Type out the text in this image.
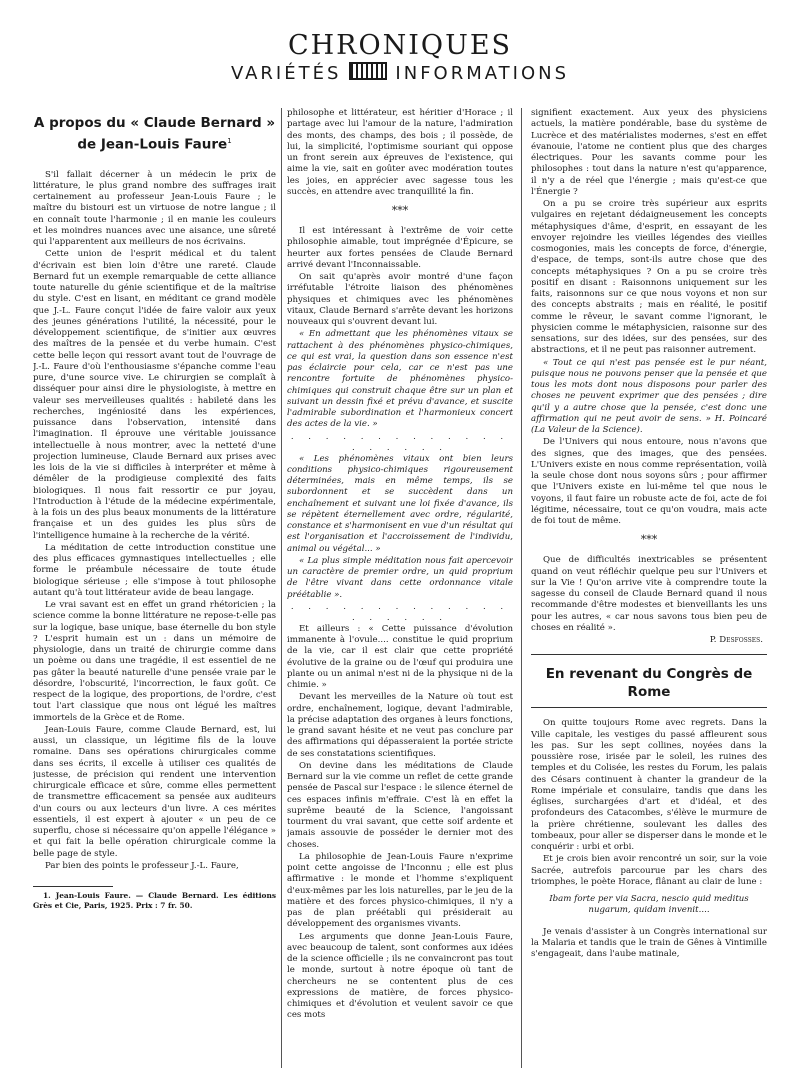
CHRONIQUES
VARIÉTÉS	INFORMATIONS
A propos du « Claude Bernard »
de Jean-Louis Faure$^1$

S'il fallait décerner à un médecin le prix de littérature, le plus grand nombre des suffrages irait certainement au professeur Jean-Louis Faure ; le maître du bistouri est un virtuose de notre langue ; il en connaît toute l'harmonie ; il en manie les couleurs et les moindres nuances avec une aisance, une sûreté qui l'apparentent aux meilleurs de nos écrivains.

Cette union de l'esprit médical et du talent d'écrivain est bien loin d'être une rareté. Claude Bernard fut un exemple remarquable de cette alliance toute naturelle du génie scientifique et de la maîtrise du style. C'est en lisant, en méditant ce grand modèle que J.-L. Faure conçut l'idée de faire valoir aux yeux des jeunes générations l'utilité, la nécessité, pour le développement scientifique, de s'initier aux œuvres des maîtres de la pensée et du verbe humain. C'est cette belle leçon qui ressort avant tout de l'ouvrage de J.-L. Faure d'où l'enthousiasme s'épanche comme l'eau pure, d'une source vive. Le chirurgien se complaît à disséquer pour ainsi dire le physiologiste, à mettre en valeur ses merveilleuses qualités : habileté dans les recherches, ingéniosité dans les expériences, puissance dans l'observation, intensité dans l'imagination. Il éprouve une véritable jouissance intellectuelle à nous montrer, avec la netteté d'une projection lumineuse, Claude Bernard aux prises avec les lois de la vie si difficiles à interpréter et même à démêler de la prodigieuse complexité des faits biologiques. Il nous fait ressortir ce pur joyau, l'Introduction à l'étude de la médecine expérimentale, à la fois un des plus beaux monuments de la littérature française et un des guides les plus sûrs de l'intelligence humaine à la recherche de la vérité.

La méditation de cette introduction constitue une des plus efficaces gymnastiques intellectuelles ; elle forme le préambule nécessaire de toute étude biologique sérieuse ; elle s'impose à tout philosophe autant qu'à tout littérateur avide de beau langage.

Le vrai savant est en effet un grand rhétoricien ; la science comme la bonne littérature ne repose-t-elle pas sur la logique, base unique, base éternelle du bon style ? L'esprit humain est un : dans un mémoire de physiologie, dans un traité de chirurgie comme dans un poème ou dans une tragédie, il est essentiel de ne pas gâter la beauté naturelle d'une pensée vraie par le désordre, l'obscurité, l'incorrection, le faux goût. Ce respect de la logique, des proportions, de l'ordre, c'est tout l'art classique que nous ont légué les maîtres immortels de la Grèce et de Rome.

Jean-Louis Faure, comme Claude Bernard, est, lui aussi, un classique, un légitime fils de la louve romaine. Dans ses opérations chirurgicales comme dans ses écrits, il excelle à utiliser ces qualités de justesse, de précision qui rendent une intervention chirurgicale efficace et sûre, comme elles permettent de transmettre efficacement sa pensée aux auditeurs d'un cours ou aux lecteurs d'un livre. A ces mérites essentiels, il est expert à ajouter « un peu de ce superflu, chose si nécessaire qu'on appelle l'élégance » et qui fait la belle opération chirurgicale comme la belle page de style.

Par bien des points le professeur J.-L. Faure,

1. Jean-Louis Faure. — Claude Bernard. Les éditions Grès et Cie, Paris, 1925. Prix : 7 fr. 50.

philosophe et littérateur, est héritier d'Horace ; il partage avec lui l'amour de la nature, l'admiration des monts, des champs, des bois ; il possède, de lui, la simplicité, l'optimisme souriant qui oppose un front serein aux épreuves de l'existence, qui aime la vie, sait en goûter avec modération toutes les joies, en apprécier avec sagesse tous les succès, en attendre avec tranquillité la fin.

***

Il est intéressant à l'extrême de voir cette philosophie aimable, tout imprégnée d'Épicure, se heurter aux fortes pensées de Claude Bernard arrivé devant l'Inconnaissable.

On sait qu'après avoir montré d'une façon irréfutable l'étroite liaison des phénomènes physiques et chimiques avec les phénomènes vitaux, Claude Bernard s'arrête devant les horizons nouveaux qui s'ouvrent devant lui.

« En admettant que les phénomènes vitaux se rattachent à des phénomènes physico-chimiques, ce qui est vrai, la question dans son essence n'est pas éclaircie pour cela, car ce n'est pas une rencontre fortuite de phénomènes physico-chimiques qui construit chaque être sur un plan et suivant un dessin fixé et prévu d'avance, et suscite l'admirable subordination et l'harmonieux concert des actes de la vie. »

. . . . . . . . . . . . . . . . . . .

« Les phénomènes vitaux ont bien leurs conditions physico-chimiques rigoureusement déterminées, mais en même temps, ils se subordonnent et se succèdent dans un enchaînement et suivant une loi fixée d'avance, ils se répètent éternellement avec ordre, régularité, constance et s'harmonisent en vue d'un résultat qui est l'organisation et l'accroissement de l'individu, animal ou végétal... »

« La plus simple méditation nous fait apercevoir un caractère de premier ordre, un quid proprium de l'être vivant dans cette ordonnance vitale préétablie ».

. . . . . . . . . . . . . . . . . . .

Et ailleurs : « Cette puissance d'évolution immanente à l'ovule.... constitue le quid proprium de la vie, car il est clair que cette propriété évolutive de la graine ou de l'œuf qui produira une plante ou un animal n'est ni de la physique ni de la chimie. »

Devant les merveilles de la Nature où tout est ordre, enchaînement, logique, devant l'admirable, la précise adaptation des organes à leurs fonctions, le grand savant hésite et ne veut pas conclure par des affirmations qui dépasseraient la portée stricte de ses constatations scientifiques.

On devine dans les méditations de Claude Bernard sur la vie comme un reflet de cette grande pensée de Pascal sur l'espace : le silence éternel de ces espaces infinis m'effraie. C'est là en effet la suprême beauté de la Science, l'angoissant tourment du vrai savant, que cette soif ardente et jamais assouvie de posséder le dernier mot des choses.

La philosophie de Jean-Louis Faure n'exprime point cette angoisse de l'Inconnu ; elle est plus affirmative : le monde et l'homme s'expliquent d'eux-mêmes par les lois naturelles, par le jeu de la matière et des forces physico-chimiques, il n'y a pas de plan préétabli qui présiderait au développement des organismes vivants.

Les arguments que donne Jean-Louis Faure, avec beaucoup de talent, sont conformes aux idées de la science officielle ; ils ne convaincront pas tout le monde, surtout à notre époque où tant de chercheurs ne se contentent plus de ces expressions de matière, de forces physico-chimiques et d'évolution et veulent savoir ce que ces mots

signifient exactement. Aux yeux des physiciens actuels, la matière pondérable, base du système de Lucrèce et des matérialistes modernes, s'est en effet évanouie, l'atome ne contient plus que des charges électriques. Pour les savants comme pour les philosophes : tout dans la nature n'est qu'apparence, il n'y a de réel que l'énergie ; mais qu'est-ce que l'Énergie ?

On a pu se croire très supérieur aux esprits vulgaires en rejetant dédaigneusement les concepts métaphysiques d'âme, d'esprit, en essayant de les envoyer rejoindre les vieilles légendes des vieilles cosmogonies, mais les concepts de force, d'énergie, d'espace, de temps, sont-ils autre chose que des concepts métaphysiques ? On a pu se croire très positif en disant : Raisonnons uniquement sur les faits, raisonnons sur ce que nous voyons et non sur des concepts abstraits ; mais en réalité, le positif comme le rêveur, le savant comme l'ignorant, le physicien comme le métaphysicien, raisonne sur des sensations, sur des idées, sur des pensées, sur des abstractions, et il ne peut pas raisonner autrement.

« Tout ce qui n'est pas pensée est le pur néant, puisque nous ne pouvons penser que la pensée et que tous les mots dont nous disposons pour parler des choses ne peuvent exprimer que des pensées ; dire qu'il y a autre chose que la pensée, c'est donc une affirmation qui ne peut avoir de sens. » H. Poincaré (La Valeur de la Science).

De l'Univers qui nous entoure, nous n'avons que des signes, que des images, que des pensées. L'Univers existe en nous comme représentation, voilà la seule chose dont nous soyons sûrs ; pour affirmer que l'Univers existe en lui-même tel que nous le voyons, il faut faire un robuste acte de foi, acte de foi légitime, nécessaire, tout ce qu'on voudra, mais acte de foi tout de même.

***

Que de difficultés inextricables se présentent quand on veut réfléchir quelque peu sur l'Univers et sur la Vie ! Qu'on arrive vite à comprendre toute la sagesse du conseil de Claude Bernard quand il nous recommande d'être modestes et bienveillants les uns pour les autres, « car nous savons tous bien peu de choses en réalité ».

P. Desfosses.
En revenant du Congrès de Rome

On quitte toujours Rome avec regrets. Dans la Ville capitale, les vestiges du passé affleurent sous les pas. Sur les sept collines, noyées dans la poussière rose, irisée par le soleil, les ruines des temples et du Colisée, les restes du Forum, les palais des Césars continuent à chanter la grandeur de la Rome impériale et consulaire, tandis que dans les églises, surchargées d'art et d'idéal, et des profondeurs des Catacombes, s'élève le murmure de la prière chrétienne, soulevant les dalles des tombeaux, pour aller se disperser dans le monde et le conquérir : urbi et orbi.

Et je crois bien avoir rencontré un soir, sur la voie Sacrée, autrefois parcourue par les chars des triomphes, le poète Horace, flânant au clair de lune :

Ibam forte per via Sacra, nescio quid meditus
nugarum, quidam invenit....

Je venais d'assister à un Congrès international sur la Malaria et tandis que le train de Gênes à Vintimille s'engageait, dans l'aube matinale,
